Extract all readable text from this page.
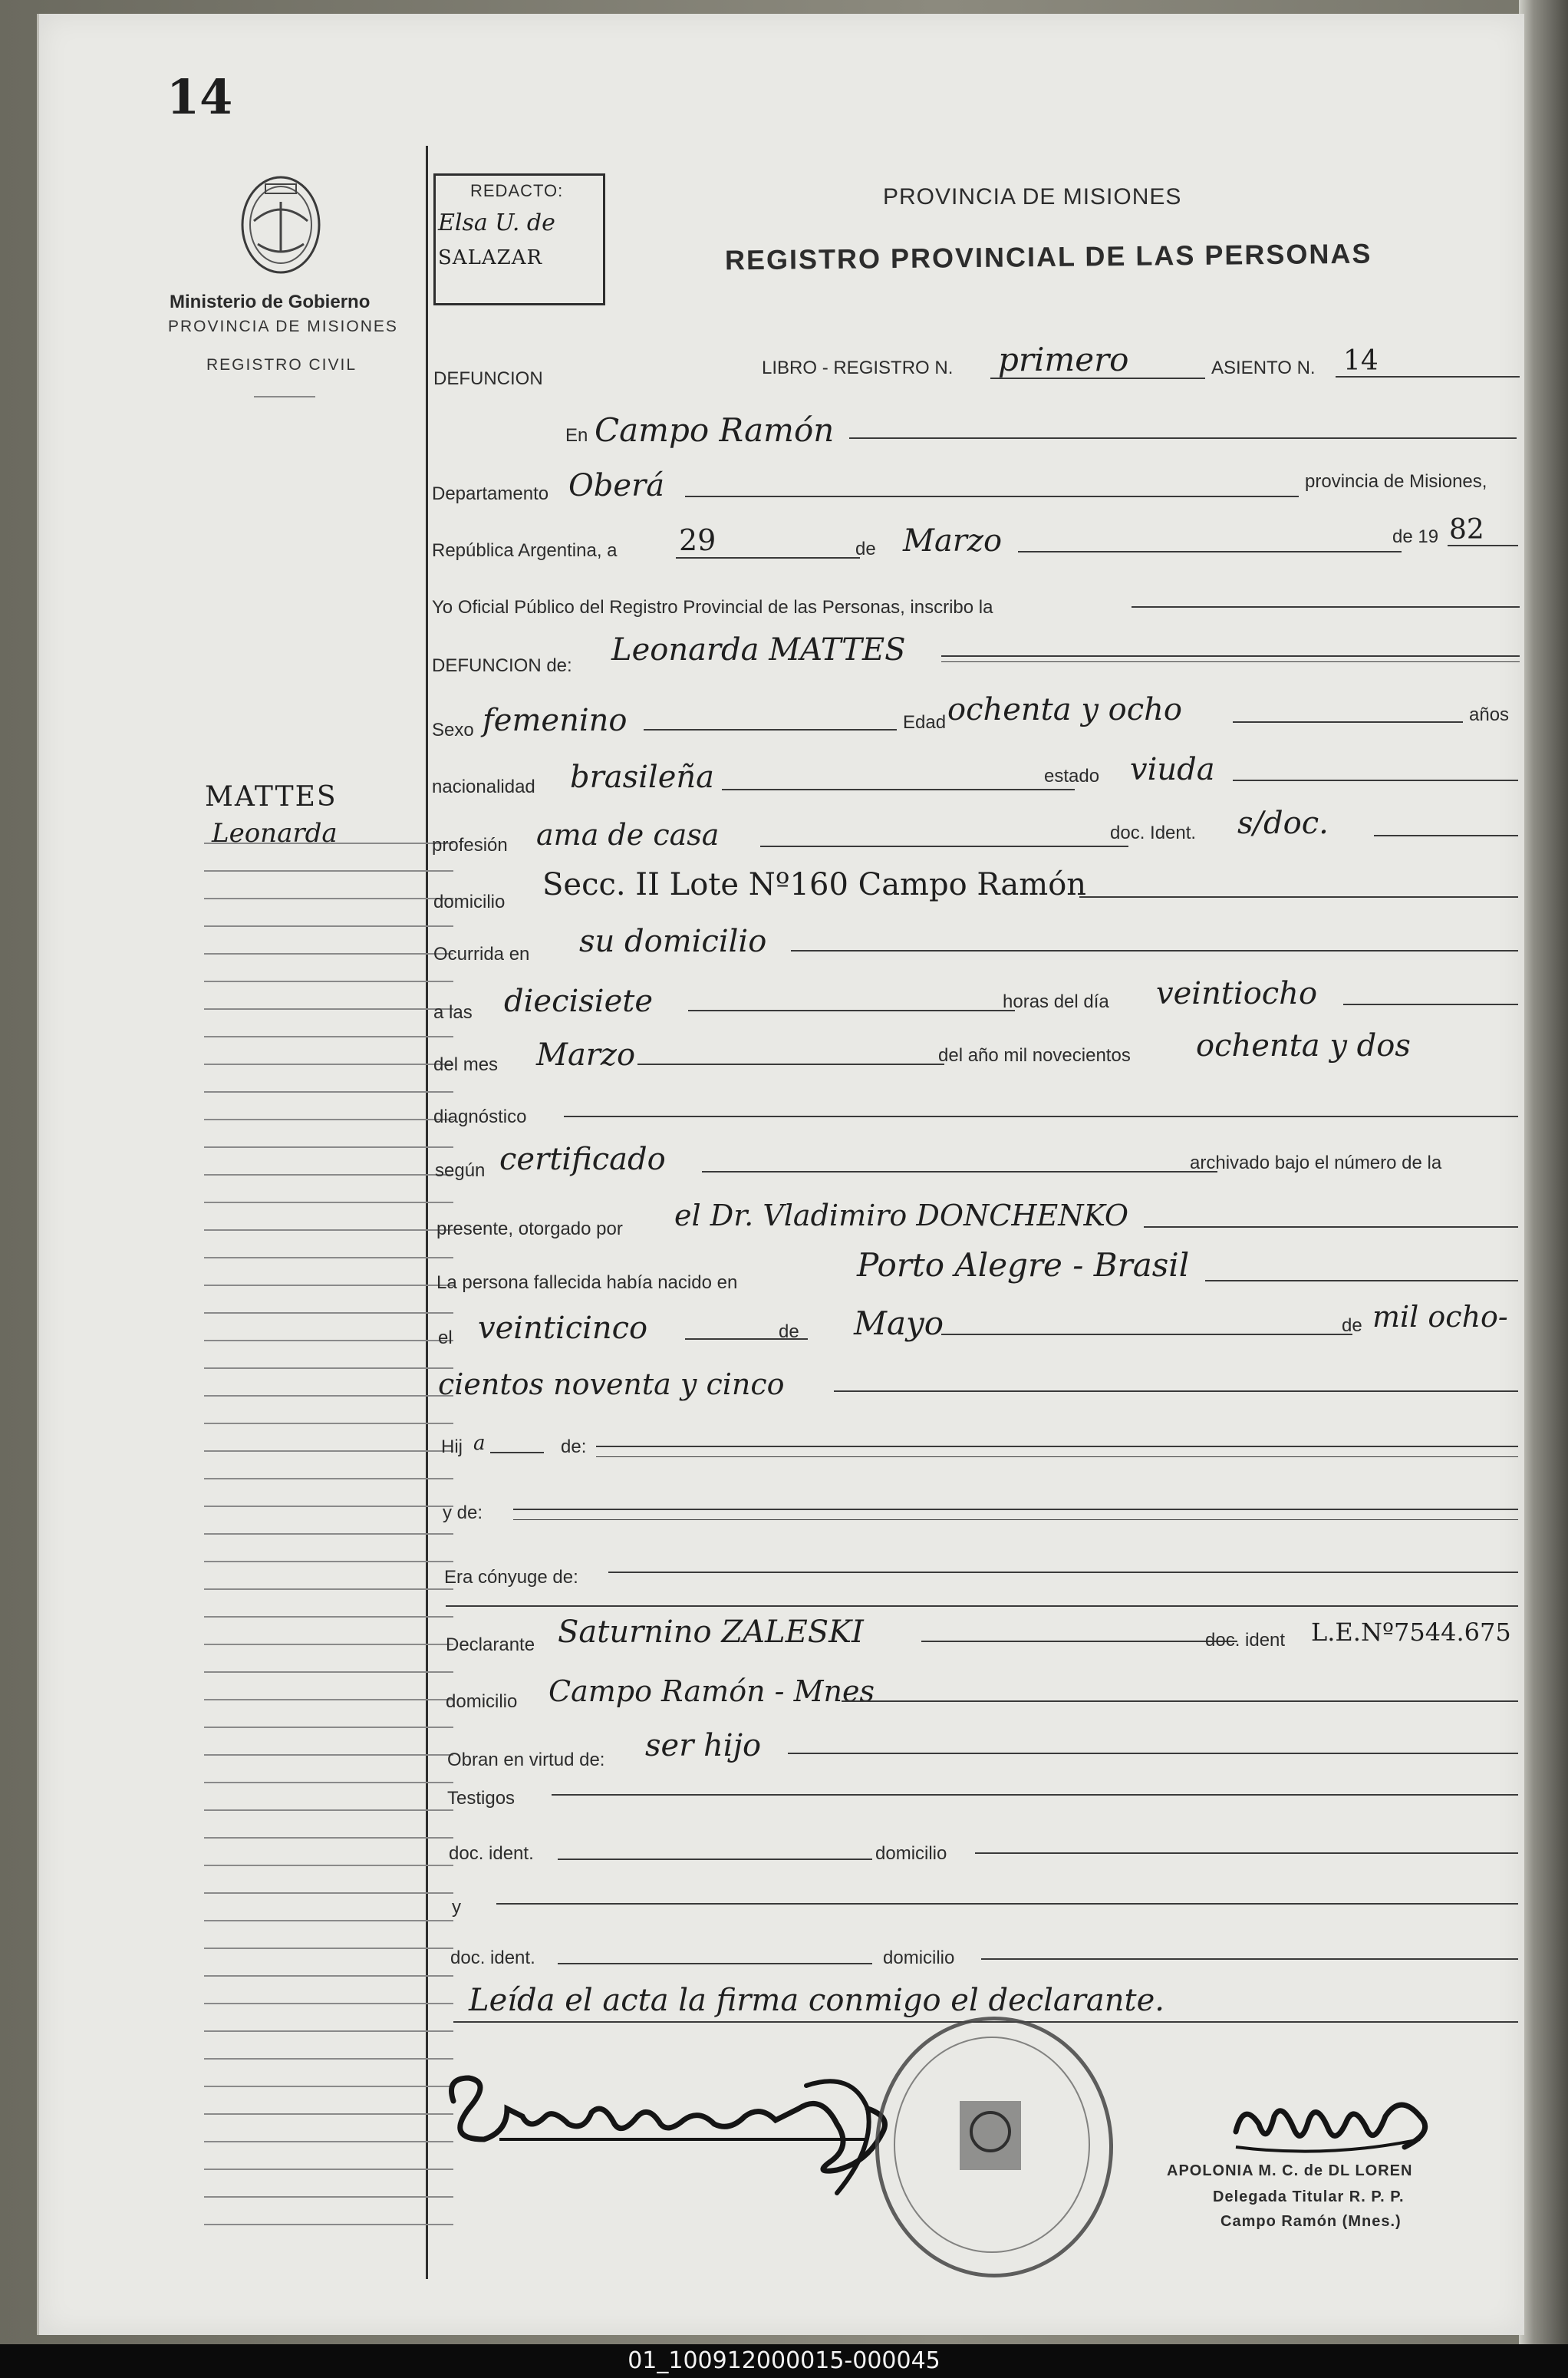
14
Ministerio de Gobierno
PROVINCIA DE MISIONES
REGISTRO CIVIL
REDACTO:
Elsa U. de
SALAZAR
PROVINCIA DE MISIONES
REGISTRO PROVINCIAL DE LAS PERSONAS
MATTES
Leonarda
DEFUNCION
LIBRO - REGISTRO N. primero	ASIENTO N. 14
En Campo Ramón
Departamento Oberá	provincia de Misiones,
República Argentina, a 29	de Marzo	de 19 82
Yo Oficial Público del Registro Provincial de las Personas, inscribo la
DEFUNCION de: Leonarda MATTES
Sexo femenino	Edad ochenta y ocho	años
nacionalidad brasileña	estado viuda
profesión ama de casa	doc. Ident. s/doc.
domicilio Secc. II Lote Nº160 Campo Ramón
Ocurrida en su domicilio
a las diecisiete	horas del día veintiocho
del mes Marzo	del año mil novecientos ochenta y dos
diagnóstico
según certificado	archivado bajo el número de la
presente, otorgado por el Dr. Vladimiro DONCHENKO
La persona fallecida había nacido en	Porto Alegre - Brasil
el veinticinco	de Mayo	de mil ocho-
cientos noventa y cinco
Hij a	de:
y de:
Era cónyuge de:
Declarante Saturnino ZALESKI	doc. ident L.E.Nº7544.675
domicilio Campo Ramón - Mnes
Obran en virtud de: ser hijo
Testigos
doc. ident.	domicilio
y
doc. ident.	domicilio
Leída el acta la firma conmigo el declarante.
APOLONIA M. C. de DL LOREN
Delegada Titular R. P. P.
Campo Ramón (Mnes.)
01_100912000015-000045
